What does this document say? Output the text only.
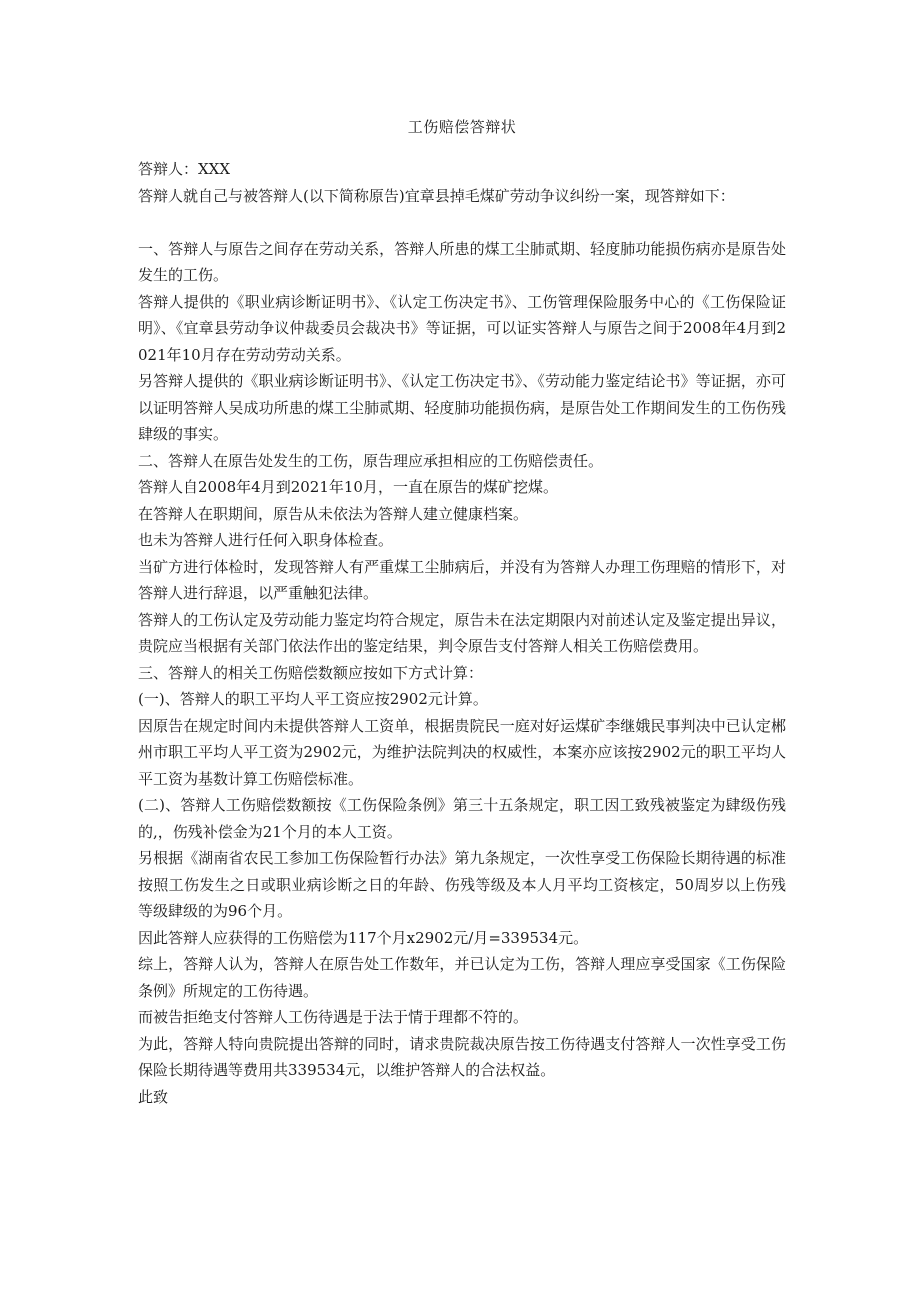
工伤赔偿答辩状

答辩人：XXX

答辩人就自己与被答辩人(以下简称原告)宜章县掉毛煤矿劳动争议纠纷一案，现答辩如下：

一、答辩人与原告之间存在劳动关系，答辩人所患的煤工尘肺贰期、轻度肺功能损伤病亦是原告处发生的工伤。

答辩人提供的《职业病诊断证明书》、《认定工伤决定书》、工伤管理保险服务中心的《工伤保险证明》、《宜章县劳动争议仲裁委员会裁决书》等证据，可以证实答辩人与原告之间于2008年4月到2021年10月存在劳动劳动关系。

另答辩人提供的《职业病诊断证明书》、《认定工伤决定书》、《劳动能力鉴定结论书》等证据，亦可以证明答辩人吴成功所患的煤工尘肺贰期、轻度肺功能损伤病，是原告处工作期间发生的工伤伤残肆级的事实。

二、答辩人在原告处发生的工伤，原告理应承担相应的工伤赔偿责任。

答辩人自2008年4月到2021年10月，一直在原告的煤矿挖煤。

在答辩人在职期间，原告从未依法为答辩人建立健康档案。

也未为答辩人进行任何入职身体检查。

当矿方进行体检时，发现答辩人有严重煤工尘肺病后，并没有为答辩人办理工伤理赔的情形下，对答辩人进行辞退，以严重触犯法律。

答辩人的工伤认定及劳动能力鉴定均符合规定，原告未在法定期限内对前述认定及鉴定提出异议，贵院应当根据有关部门依法作出的鉴定结果，判令原告支付答辩人相关工伤赔偿费用。

三、答辩人的相关工伤赔偿数额应按如下方式计算：

(一)、答辩人的职工平均人平工资应按2902元计算。

因原告在规定时间内未提供答辩人工资单，根据贵院民一庭对好运煤矿李继娥民事判决中已认定郴州市职工平均人平工资为2902元，为维护法院判决的权威性，本案亦应该按2902元的职工平均人平工资为基数计算工伤赔偿标准。

(二)、答辩人工伤赔偿数额按《工伤保险条例》第三十五条规定，职工因工致残被鉴定为肆级伤残的,，伤残补偿金为21个月的本人工资。

另根据《湖南省农民工参加工伤保险暂行办法》第九条规定，一次性享受工伤保险长期待遇的标准按照工伤发生之日或职业病诊断之日的年龄、伤残等级及本人月平均工资核定，50周岁以上伤残等级肆级的为96个月。

因此答辩人应获得的工伤赔偿为117个月x2902元/月=339534元。

综上，答辩人认为，答辩人在原告处工作数年，并已认定为工伤，答辩人理应享受国家《工伤保险条例》所规定的工伤待遇。

而被告拒绝支付答辩人工伤待遇是于法于情于理都不符的。

为此，答辩人特向贵院提出答辩的同时，请求贵院裁决原告按工伤待遇支付答辩人一次性享受工伤保险长期待遇等费用共339534元，以维护答辩人的合法权益。

此致
